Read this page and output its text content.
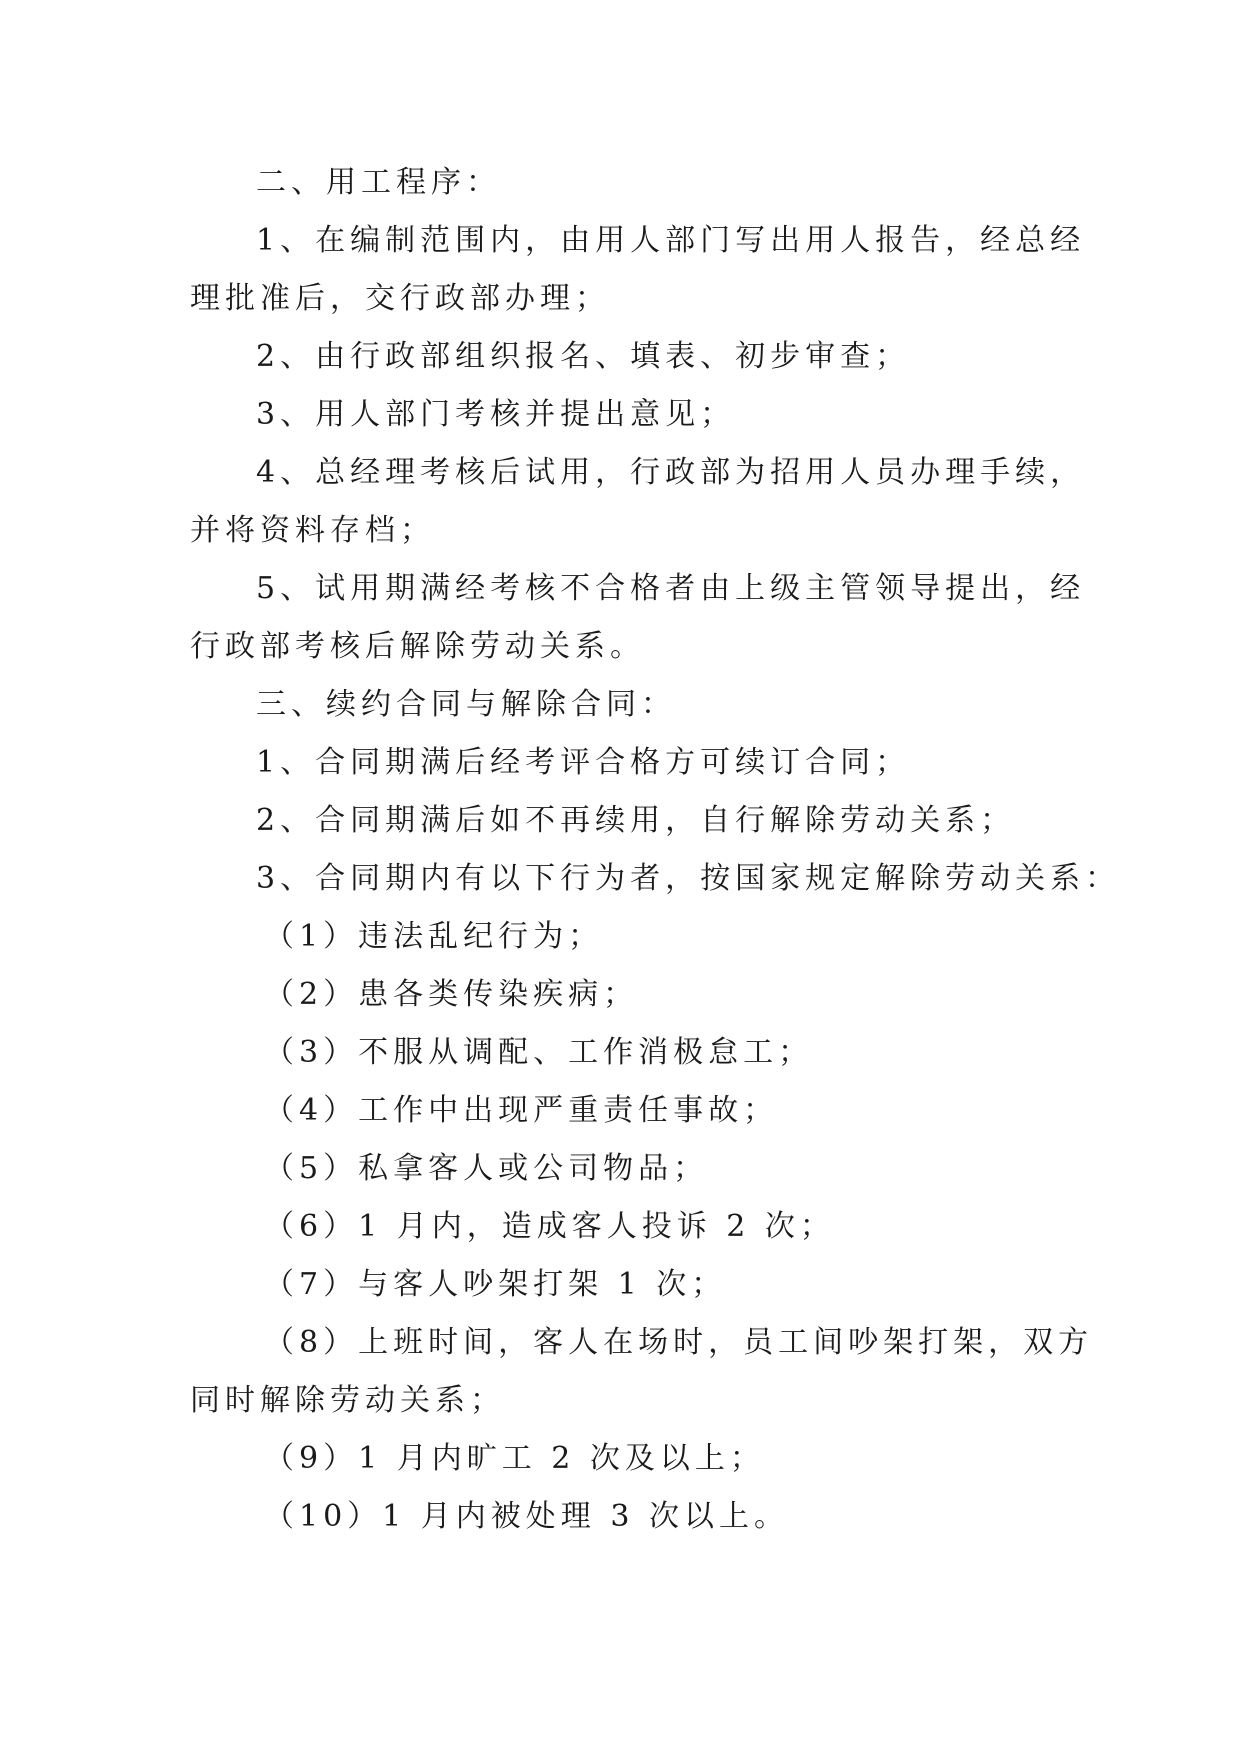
二、用工程序：

1、在编制范围内，由用人部门写出用人报告，经总经

理批准后，交行政部办理；

2、由行政部组织报名、填表、初步审查；

3、用人部门考核并提出意见；

4、总经理考核后试用，行政部为招用人员办理手续，

并将资料存档；

5、试用期满经考核不合格者由上级主管领导提出，经

行政部考核后解除劳动关系。

三、续约合同与解除合同：

1、合同期满后经考评合格方可续订合同；

2、合同期满后如不再续用，自行解除劳动关系；

3、合同期内有以下行为者，按国家规定解除劳动关系：

（1）违法乱纪行为；

（2）患各类传染疾病；

（3）不服从调配、工作消极怠工；

（4）工作中出现严重责任事故；

（5）私拿客人或公司物品；

（6）1 月内，造成客人投诉 2 次；

（7）与客人吵架打架 1 次；

（8）上班时间，客人在场时，员工间吵架打架，双方

同时解除劳动关系；

（9）1 月内旷工 2 次及以上；

（10）1 月内被处理 3 次以上。
